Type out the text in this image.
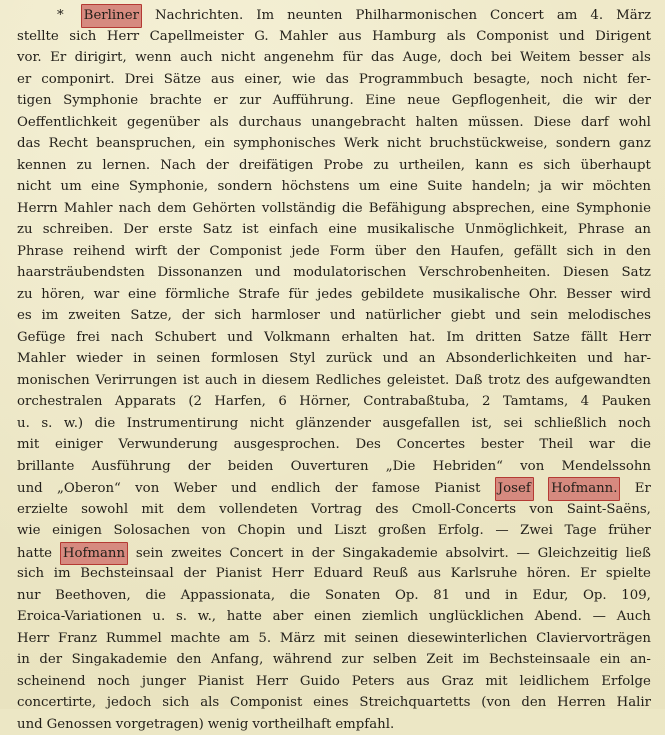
* Berliner Nachrichten. Im neunten Philharmonischen Concert am 4. März
stellte sich Herr Capellmeister G. Mahler aus Hamburg als Componist und Dirigent
vor. Er dirigirt, wenn auch nicht angenehm für das Auge, doch bei Weitem besser als
er componirt. Drei Sätze aus einer, wie das Programmbuch besagte, noch nicht fer-
tigen Symphonie brachte er zur Aufführung. Eine neue Gepflogenheit, die wir der
Oeffentlichkeit gegenüber als durchaus unangebracht halten müssen. Diese darf wohl
das Recht beanspruchen, ein symphonisches Werk nicht bruchstückweise, sondern ganz
kennen zu lernen. Nach der dreifätigen Probe zu urtheilen, kann es sich überhaupt
nicht um eine Symphonie, sondern höchstens um eine Suite handeln; ja wir möchten
Herrn Mahler nach dem Gehörten vollständig die Befähigung absprechen, eine Symphonie
zu schreiben. Der erste Satz ist einfach eine musikalische Unmöglichkeit, Phrase an
Phrase reihend wirft der Componist jede Form über den Haufen, gefällt sich in den
haarsträubendsten Dissonanzen und modulatorischen Verschrobenheiten. Diesen Satz
zu hören, war eine förmliche Strafe für jedes gebildete musikalische Ohr. Besser wird
es im zweiten Satze, der sich harmloser und natürlicher giebt und sein melodisches
Gefüge frei nach Schubert und Volkmann erhalten hat. Im dritten Satze fällt Herr
Mahler wieder in seinen formlosen Styl zurück und an Absonderlichkeiten und har-
monischen Verirrungen ist auch in diesem Redliches geleistet. Daß trotz des aufgewandten
orchestralen Apparats (2 Harfen, 6 Hörner, Contrabaßtuba, 2 Tamtams, 4 Pauken
u. s. w.) die Instrumentirung nicht glänzender ausgefallen ist, sei schließlich noch
mit einiger Verwunderung ausgesprochen. Des Concertes bester Theil war die
brillante Ausführung der beiden Ouverturen „Die Hebriden“ von Mendelssohn
und „Oberon“ von Weber und endlich der famose Pianist Josef Hofmann. Er
erzielte sowohl mit dem vollendeten Vortrag des Cmoll-Concerts von Saint-Saëns,
wie einigen Solosachen von Chopin und Liszt großen Erfolg. — Zwei Tage früher
hatte Hofmann sein zweites Concert in der Singakademie absolvirt. — Gleichzeitig ließ
sich im Bechsteinsaal der Pianist Herr Eduard Reuß aus Karlsruhe hören. Er spielte
nur Beethoven, die Appassionata, die Sonaten Op. 81 und in Edur, Op. 109,
Eroica-Variationen u. s. w., hatte aber einen ziemlich unglücklichen Abend. — Auch
Herr Franz Rummel machte am 5. März mit seinen diesewinterlichen Claviervorträgen
in der Singakademie den Anfang, während zur selben Zeit im Bechsteinsaale ein an-
scheinend noch junger Pianist Herr Guido Peters aus Graz mit leidlichem Erfolge
concertirte, jedoch sich als Componist eines Streichquartetts (von den Herren Halir
und Genossen vorgetragen) wenig vortheilhaft empfahl.
